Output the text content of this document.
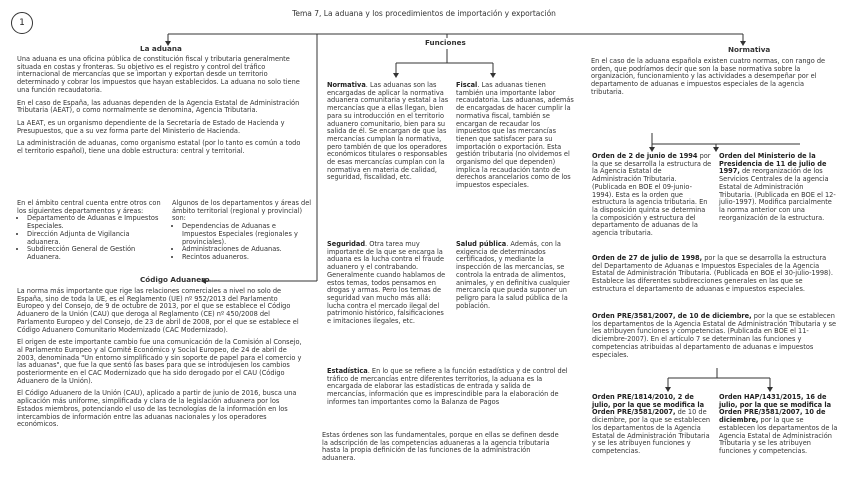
1
Tema 7, La aduana y los procedimientos de importación y exportación
La aduana

Una aduana es una oficina pública de constitución fiscal y tributaria generalmente situada en costas y fronteras. Su objetivo es el registro y control del tráfico internacional de mercancías que se importan y exportan desde un territorio determinado y cobrar los impuestos que hayan establecidos. La aduana no solo tiene una función recaudatoria.

En el caso de España, las aduanas dependen de la Agencia Estatal de Administración Tributaria (AEAT), o como normalmente se denomina, Agencia Tributaria.

La AEAT, es un organismo dependiente de la Secretaría de Estado de Hacienda y Presupuestos, que a su vez forma parte del Ministerio de Hacienda.

La administración de aduanas, como organismo estatal (por lo tanto es común a todo el territorio español), tiene una doble estructura: central y territorial.

En el ámbito central cuenta entre otros con los siguientes departamentos y áreas:
• Departamento de Aduanas e Impuestos Especiales.
• Dirección Adjunta de Vigilancia aduanera.
• Subdirección General de Gestión Aduanera.
Algunos de los departamentos y áreas del ámbito territorial (regional y provincial) son:
• Dependencias de Aduanas e Impuestos Especiales (regionales y provinciales).
• Administraciones de Aduanas.
• Recintos aduaneros.
Código Aduanero

La norma más importante que rige las relaciones comerciales a nivel no solo de España, sino de toda la UE, es el Reglamento (UE) nº 952/2013 del Parlamento Europeo y del Consejo, de 9 de octubre de 2013, por el que se establece el Código Aduanero de la Unión (CAU) que deroga al Reglamento (CE) nº 450/2008 del Parlamento Europeo y del Consejo, de 23 de abril de 2008, por el que se establece el Código Aduanero Comunitario Modernizado (CAC Modernizado).

El origen de este importante cambio fue una comunicación de la Comisión al Consejo, al Parlamento Europeo y al Comité Económico y Social Europeo, de 24 de abril de 2003, denominada "Un entorno simplificado y sin soporte de papel para el comercio y las aduanas", que fue la que sentó las bases para que se introdujesen los cambios posteriormente en el CAC Modernizado que ha sido derogado por el CAU (Código Aduanero de la Unión).

El Código Aduanero de la Unión (CAU), aplicado a partir de junio de 2016, busca una aplicación más uniforme, simplificada y clara de la legislación aduanera por los Estados miembros, potenciando el uso de las tecnologías de la información en los intercambios de información entre las aduanas nacionales y los operadores económicos.

Funciones
Normativa. Las aduanas son las encargadas de aplicar la normativa aduanera comunitaria y estatal a las mercancías que a ellas llegan, bien para su introducción en el territorio aduanero comunitario, bien para su salida de él. Se encargan de que las mercancías cumplan la normativa, pero también de que los operadores económicos titulares o responsables de esas mercancías cumplan con la normativa en materia de calidad, seguridad, fiscalidad, etc.
Fiscal. Las aduanas tienen también una importante labor recaudatoria. Las aduanas, además de encargadas de hacer cumplir la normativa fiscal, también se encargan de recaudar los impuestos que las mercancías tienen que satisfacer para su importación o exportación. Esta gestión tributaria (no olvidemos el organismo del que dependen) implica la recaudación tanto de derechos arancelarios como de los impuestos especiales.
Seguridad. Otra tarea muy importante de la que se encarga la aduana es la lucha contra el fraude aduanero y el contrabando. Generalmente cuando hablamos de estos temas, todos pensamos en drogas y armas. Pero los temas de seguridad van mucho más allá: lucha contra el mercado ilegal del patrimonio histórico, falsificaciones e imitaciones ilegales, etc.
Salud pública. Además, con la exigencia de determinados certificados, y mediante la inspección de las mercancías, se controla la entrada de alimentos, animales, y en definitiva cualquier mercancía que pueda suponer un peligro para la salud pública de la población.
Estadística. En lo que se refiere a la función estadística y de control del tráfico de mercancías entre diferentes territorios, la aduana es la encargada de elaborar las estadísticas de entrada y salida de mercancías, información que es imprescindible para la elaboración de informes tan importantes como la Balanza de Pagos
Estas órdenes son las fundamentales, porque en ellas se definen desde la adscripción de las competencias aduaneras a la agencia tributaria hasta la propia definición de las funciones de la administración aduanera.
Normativa
En el caso de la aduana española existen cuatro normas, con rango de orden, que podríamos decir que son la base normativa sobre la organización, funcionamiento y las actividades a desempeñar por el departamento de aduanas e impuestos especiales de la agencia tributaria.
Orden de 2 de junio de 1994 por la que se desarrolla la estructura de la Agencia Estatal de Administración Tributaria. (Publicada en BOE el 09-junio-1994). Esta es la orden que estructura la agencia tributaria. En la disposición quinta se determina la composición y estructura del departamento de aduanas de la agencia tributaria.
Orden del Ministerio de la Presidencia de 11 de julio de 1997, de reorganización de los Servicios Centrales de la agencia Estatal de Administración Tributaria. (Publicada en BOE el 12-julio-1997). Modifica parcialmente la norma anterior con una reorganización de la estructura.
Orden de 27 de julio de 1998, por la que se desarrolla la estructura del Departamento de Aduanas e Impuestos Especiales de la Agencia Estatal de Administración Tributaria. (Publicada en BOE el 30-julio-1998). Establece las diferentes subdirecciones generales en las que se estructura el departamento de aduanas e impuestos especiales.
Orden PRE/3581/2007, de 10 de diciembre, por la que se establecen los departamentos de la Agencia Estatal de Administración Tributaria y se les atribuyen funciones y competencias. (Publicada en BOE el 11-diciembre-2007). En el artículo 7 se determinan las funciones y competencias atribuidas al departamento de aduanas e impuestos especiales.
Orden PRE/1814/2010, 2 de julio, por la que se modifica la Orden PRE/3581/2007, de 10 de diciembre, por la que se establecen los departamentos de la Agencia Estatal de Administración Tributaria y se les atribuyen funciones y competencias.
Orden HAP/1431/2015, 16 de julio, por la que se modifica la Orden PRE/3581/2007, 10 de diciembre, por la que se establecen los departamentos de la Agencia Estatal de Administración Tributaria y se les atribuyen funciones y competencias.
